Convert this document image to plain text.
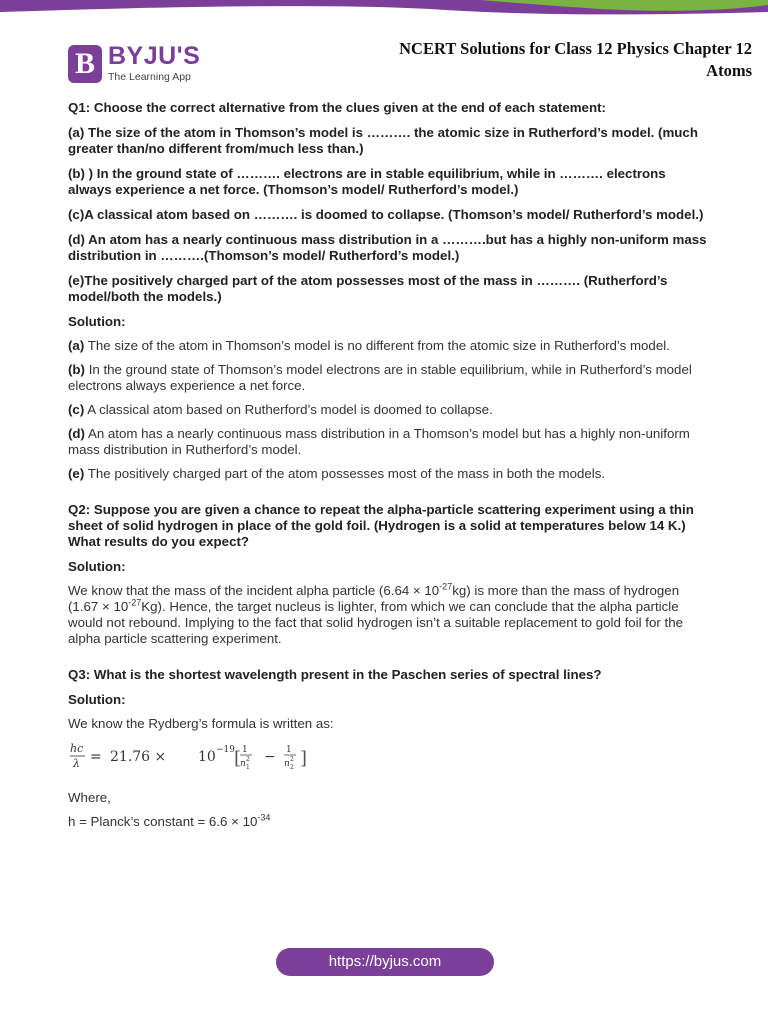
B BYJU'S
The Learning App
NCERT Solutions for Class 12 Physics Chapter 12
Atoms
Q1: Choose the correct alternative from the clues given at the end of each statement:
(a) The size of the atom in Thomson’s model is ………. the atomic size in Rutherford’s model. (much greater than/no different from/much less than.)
(b) ) In the ground state of ………. electrons are in stable equilibrium, while in ………. electrons always experience a net force. (Thomson’s model/ Rutherford’s model.)
(c)A classical atom based on ………. is doomed to collapse. (Thomson’s model/ Rutherford’s model.)
(d) An atom has a nearly continuous mass distribution in a ……….but has a highly non-uniform mass distribution in ……….(Thomson’s model/ Rutherford’s model.)
(e)The positively charged part of the atom possesses most of the mass in ………. (Rutherford’s model/both the models.)
Solution:
(a) The size of the atom in Thomson’s model is no different from the atomic size in Rutherford’s model.
(b) In the ground state of Thomson’s model electrons are in stable equilibrium, while in Rutherford’s model electrons always experience a net force.
(c) A classical atom based on Rutherford’s model is doomed to collapse.
(d) An atom has a nearly continuous mass distribution in a Thomson’s model but has a highly non-uniform mass distribution in Rutherford’s model.
(e) The positively charged part of the atom possesses most of the mass in both the models.
Q2: Suppose you are given a chance to repeat the alpha-particle scattering experiment using a thin sheet of solid hydrogen in place of the gold foil. (Hydrogen is a solid at temperatures below 14 K.) What results do you expect?
Solution:
We know that the mass of the incident alpha particle $(6.64 \times 10^{-27}kg)$ is more than the mass of hydrogen $(1.67 \times 10^{-27}Kg)$. Hence, the target nucleus is lighter, from which we can conclude that the alpha particle would not rebound. Implying to the fact that solid hydrogen isn’t a suitable replacement to gold foil for the alpha particle scattering experiment.
Q3: What is the shortest wavelength present in the Paschen series of spectral lines?
Solution:
We know the Rydberg’s formula is written as:
hc
λ = 21.76 × 10 −19 [ 1
n 1
2 − 1
n 2
2 ]
Where,
h = Planck’s constant = $6.6 \times 10^{-34}$
https://byjus.com
